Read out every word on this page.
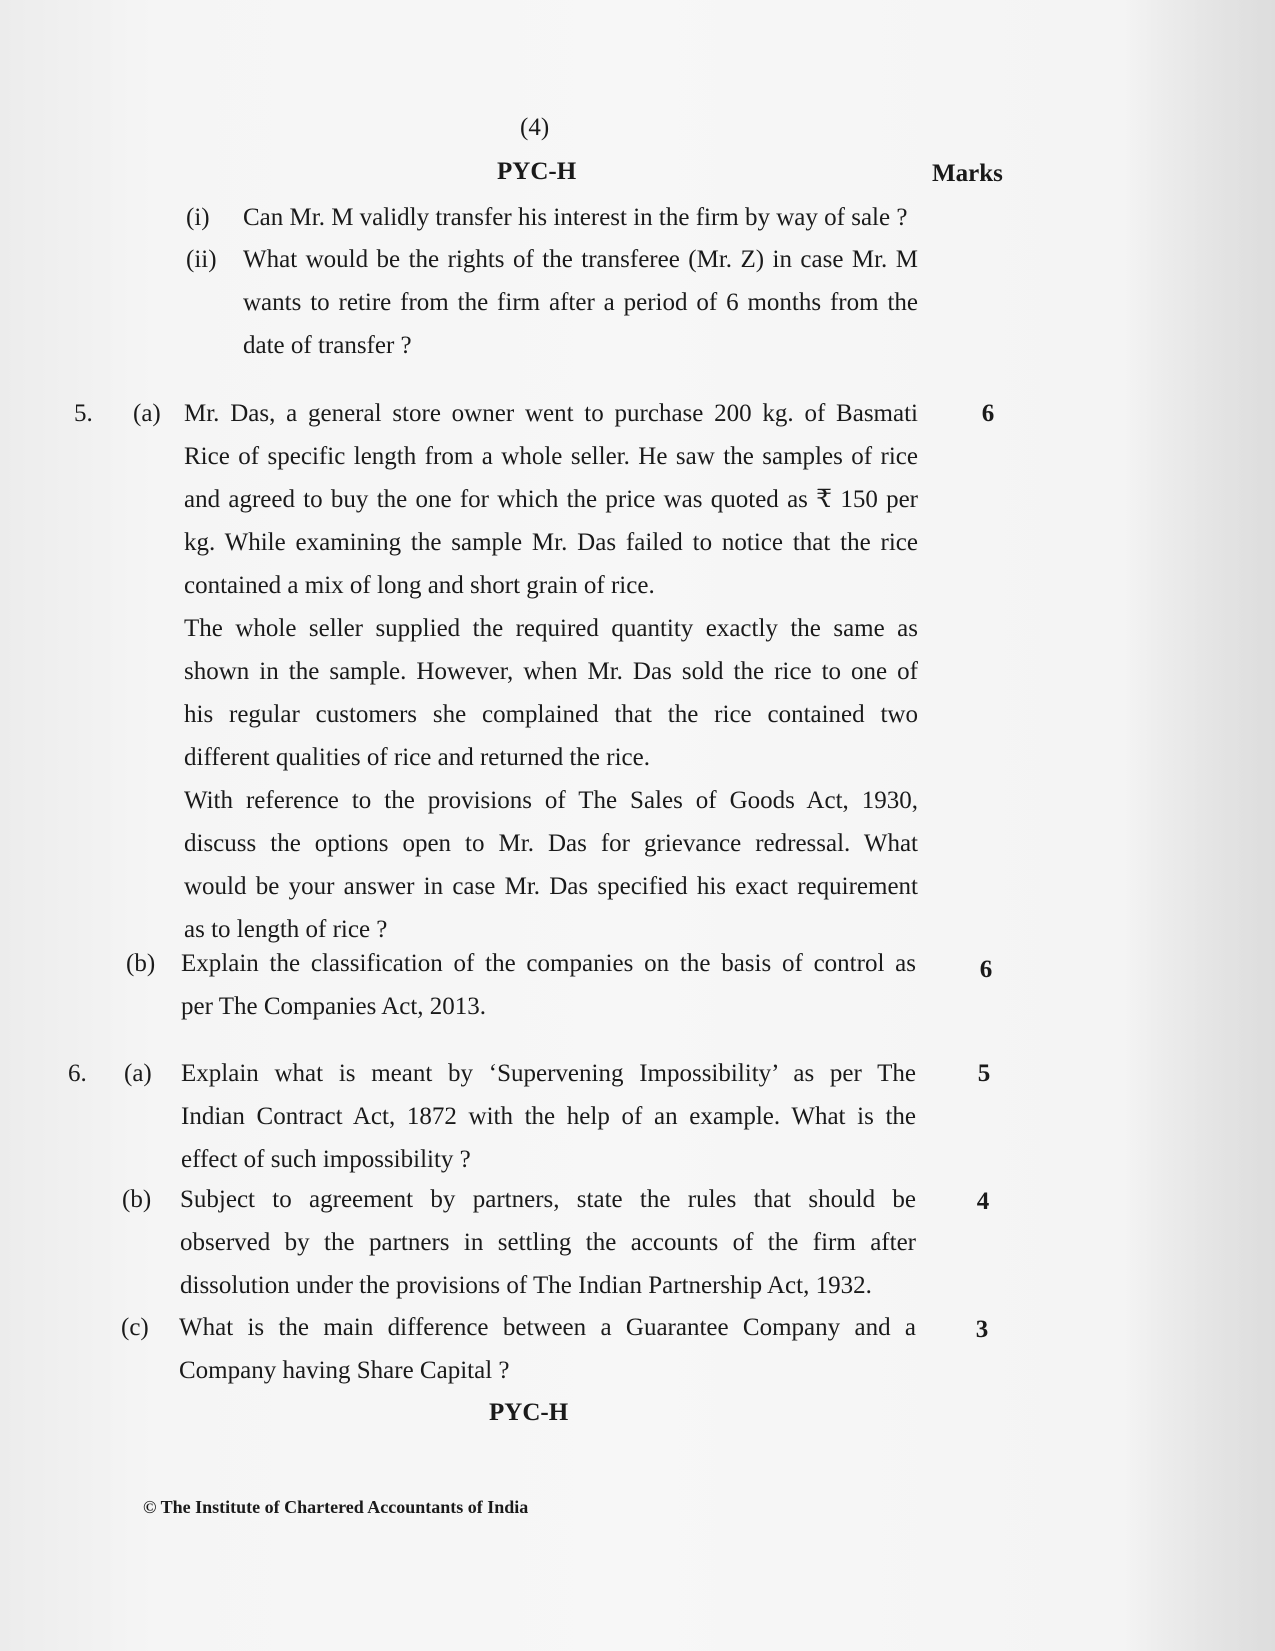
(4)
PYC-H	Marks
(i) Can Mr. M validly transfer his interest in the firm by way of sale ?
(ii) What would be the rights of the transferee (Mr. Z) in case Mr. M
wants to retire from the firm after a period of 6 months from the
date of transfer ?
5. (a)	6
Mr. Das, a general store owner went to purchase 200 kg. of Basmati
Rice of specific length from a whole seller. He saw the samples of rice
and agreed to buy the one for which the price was quoted as ₹ 150 per
kg. While examining the sample Mr. Das failed to notice that the rice
contained a mix of long and short grain of rice.
The whole seller supplied the required quantity exactly the same as
shown in the sample. However, when Mr. Das sold the rice to one of
his regular customers she complained that the rice contained two
different qualities of rice and returned the rice.
With reference to the provisions of The Sales of Goods Act, 1930,
discuss the options open to Mr. Das for grievance redressal. What
would be your answer in case Mr. Das specified his exact requirement
as to length of rice ?
(b)	6
Explain the classification of the companies on the basis of control as
per The Companies Act, 2013.
6. (a)	5
Explain what is meant by ‘Supervening Impossibility’ as per The
Indian Contract Act, 1872 with the help of an example. What is the
effect of such impossibility ?
(b)	4
Subject to agreement by partners, state the rules that should be
observed by the partners in settling the accounts of the firm after
dissolution under the provisions of The Indian Partnership Act, 1932.
(c)	3
What is the main difference between a Guarantee Company and a
Company having Share Capital ?
PYC-H
© The Institute of Chartered Accountants of India
